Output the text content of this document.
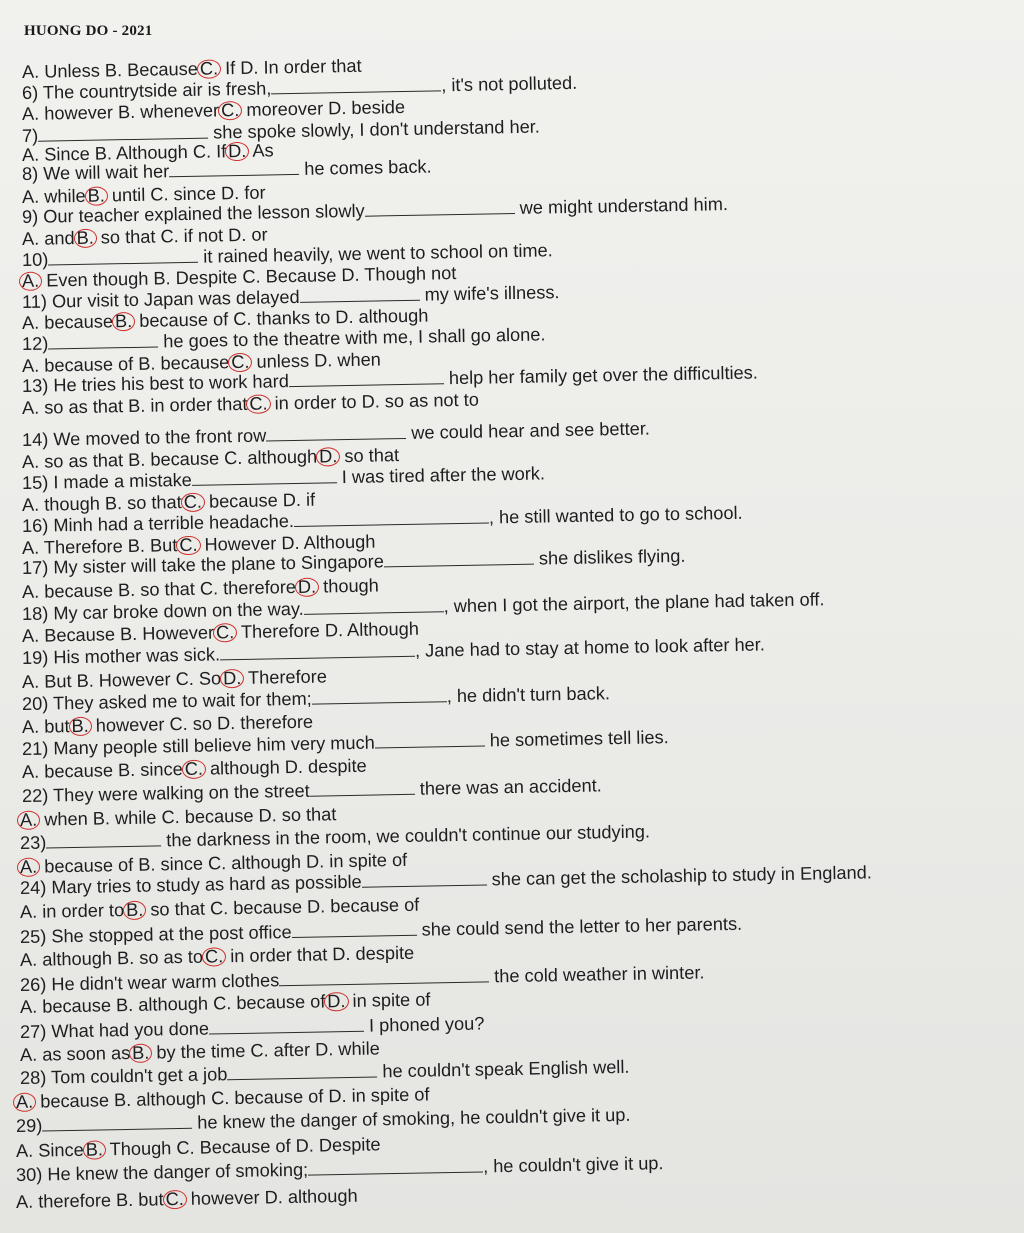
HUONG DO - 2021
A. Unless B. BecauseC. If D. In order that
6) The countrytside air is fresh,	, it's not polluted.
A. however B. wheneverC. moreover D. beside
7)	she spoke slowly, I don't understand her.
A. Since B. Although C. IfD. As
8) We will wait her	he comes back.
A. whileB. until C. since D. for
9) Our teacher explained the lesson slowly	we might understand him.
A. andB. so that C. if not D. or
10)	it rained heavily, we went to school on time.
A. Even though B. Despite C. Because D. Though not
11) Our visit to Japan was delayed	my wife's illness.
A. becauseB. because of C. thanks to D. although
12)	he goes to the theatre with me, I shall go alone.
A. because of B. becauseC. unless D. when
13) He tries his best to work hard	help her family get over the difficulties.
A. so as that B. in order thatC. in order to D. so as not to
14) We moved to the front row	we could hear and see better.
A. so as that B. because C. althoughD. so that
15) I made a mistake	I was tired after the work.
A. though B. so thatC. because D. if
16) Minh had a terrible headache.	, he still wanted to go to school.
A. Therefore B. ButC. However D. Although
17) My sister will take the plane to Singapore	she dislikes flying.
A. because B. so that C. thereforeD. though
18) My car broke down on the way.	, when I got the airport, the plane had taken off.
A. Because B. HoweverC. Therefore D. Although
19) His mother was sick.	, Jane had to stay at home to look after her.
A. But B. However C. SoD. Therefore
20) They asked me to wait for them;	, he didn't turn back.
A. butB. however C. so D. therefore
21) Many people still believe him very much	he sometimes tell lies.
A. because B. sinceC. although D. despite
22) They were walking on the street	there was an accident.
A. when B. while C. because D. so that
23)	the darkness in the room, we couldn't continue our studying.
A. because of B. since C. although D. in spite of
24) Mary tries to study as hard as possible	she can get the scholaship to study in England.
A. in order toB. so that C. because D. because of
25) She stopped at the post office	she could send the letter to her parents.
A. although B. so as toC. in order that D. despite
26) He didn't wear warm clothes	the cold weather in winter.
A. because B. although C. because ofD. in spite of
27) What had you done	I phoned you?
A. as soon asB. by the time C. after D. while
28) Tom couldn't get a job	he couldn't speak English well.
A. because B. although C. because of D. in spite of
29)	he knew the danger of smoking, he couldn't give it up.
A. SinceB. Though C. Because of D. Despite
30) He knew the danger of smoking;	, he couldn't give it up.
A. therefore B. butC. however D. although
